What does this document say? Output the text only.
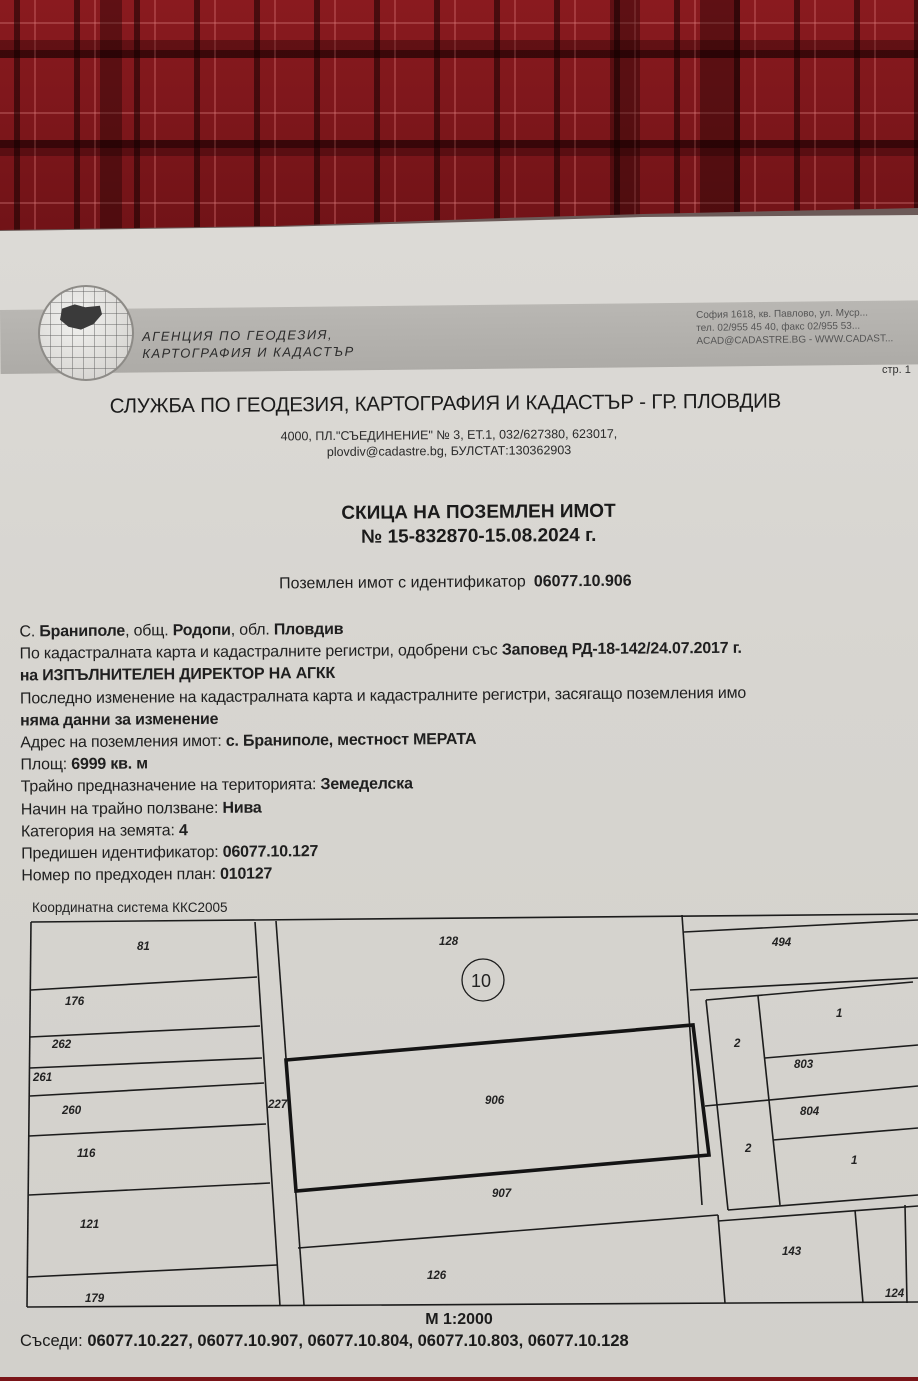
АГЕНЦИЯ ПО ГЕОДЕЗИЯ,
КАРТОГРАФИЯ И КАДАСТЪР
София 1618, кв. Павлово, ул. Муср...
тел. 02/955 45 40, факс 02/955 53...
ACAD@CADASTRE.BG - WWW.CADAST...
стр. 1
СЛУЖБА ПО ГЕОДЕЗИЯ, КАРТОГРАФИЯ И КАДАСТЪР - ГР. ПЛОВДИВ
4000, ПЛ."СЪЕДИНЕНИЕ" № 3, ЕТ.1, 032/627380, 623017,
plovdiv@cadastre.bg, БУЛСТАТ:130362903
СКИЦА НА ПОЗЕМЛЕН ИМОТ
№ 15-832870-15.08.2024 г.
Поземлен имот с идентификатор 06077.10.906
С. Браниполе, общ. Родопи, обл. Пловдив
По кадастралната карта и кадастралните регистри, одобрени със Заповед РД-18-142/24.07.2017 г.
на ИЗПЪЛНИТЕЛЕН ДИРЕКТОР НА АГКК
Последно изменение на кадастралната карта и кадастралните регистри, засягащо поземления имо
няма данни за изменение
Адрес на поземления имот: с. Браниполе, местност МЕРАТА
Площ: 6999 кв. м
Трайно предназначение на територията: Земеделска
Начин на трайно ползване: Нива
Категория на земята: 4
Предишен идентификатор: 06077.10.127
Номер по предходен план: 010127
Координатна система ККС2005
10
81
176
262
261
260
116
121
179
227
128
906
907
126
494
1
2
803
804
2
1
143
124
М 1:2000
Съседи: 06077.10.227, 06077.10.907, 06077.10.804, 06077.10.803, 06077.10.128
